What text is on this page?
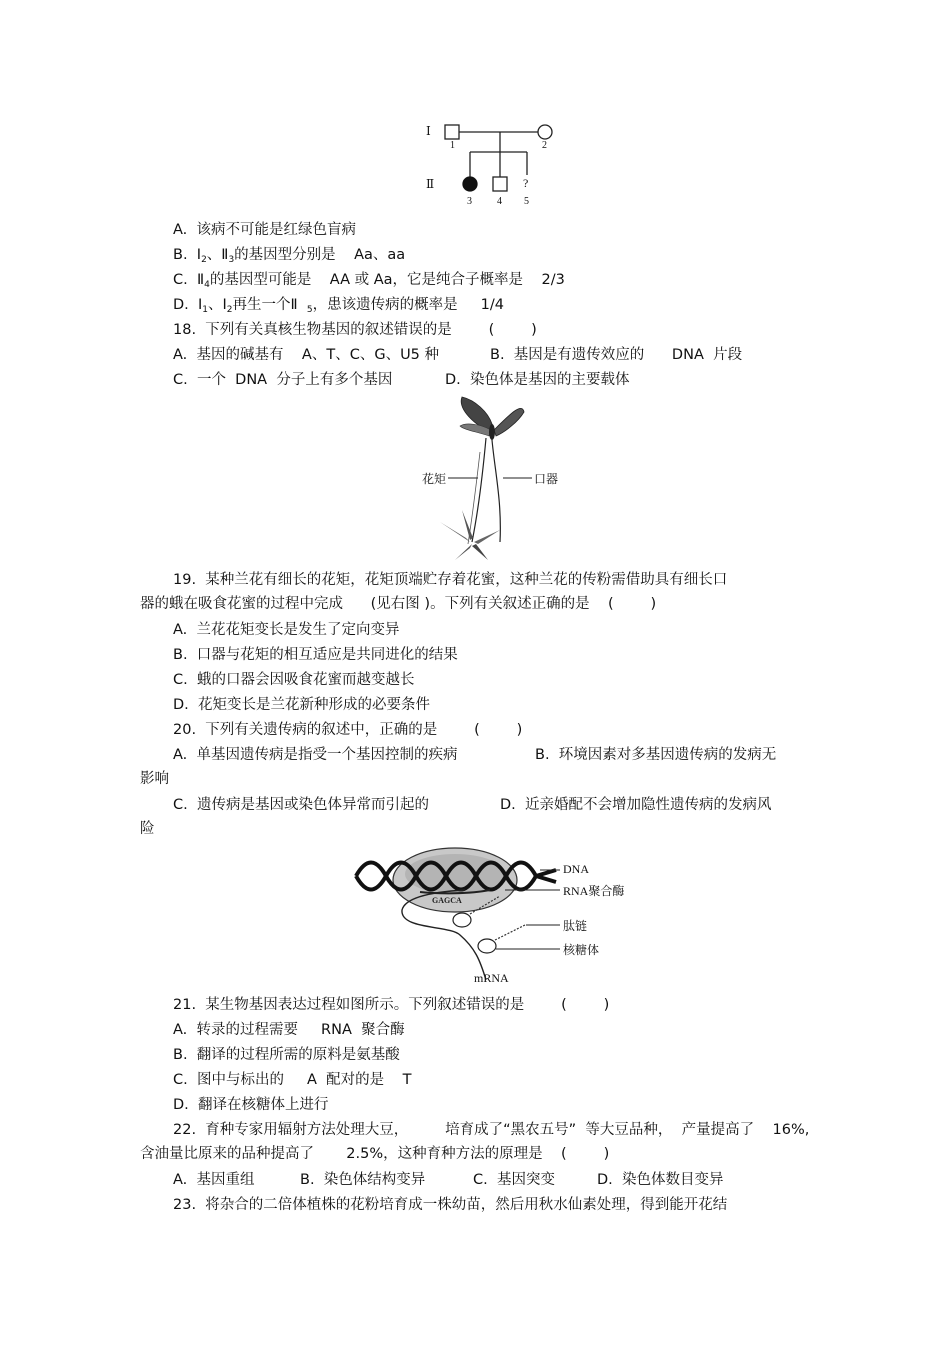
Ⅰ
Ⅱ
1	2
3	4 5
?
A.  该病不可能是红绿色盲病
B.  $Ⅰ_2$、$Ⅱ_3$的基因型分别是    Aa、aa
C.  $Ⅱ_4$的基因型可能是    AA 或 Aa，它是纯合子概率是    2/3
D.  $Ⅰ_1$、$Ⅰ_2$再生一个Ⅱ  $_5$，患该遗传病的概率是     1/4
18.  下列有关真核生物基因的叙述错误的是        (        )
A.  基因的碱基有    A、T、C、G、U5 种	B.  基因是有遗传效应的      DNA  片段
C.  一个  DNA  分子上有多个基因	D.  染色体是基因的主要载体
花矩	口器
19.  某种兰花有细长的花矩，花矩顶端贮存着花蜜，这种兰花的传粉需借助具有细长口
器的蛾在吸食花蜜的过程中完成      (见右图 )。下列有关叙述正确的是    (        )
A.  兰花花矩变长是发生了定向变异
B.  口器与花矩的相互适应是共同进化的结果
C.  蛾的口器会因吸食花蜜而越变越长
D.  花矩变长是兰花新种形成的必要条件
20.  下列有关遗传病的叙述中，正确的是        (        )
A.  单基因遗传病是指受一个基因控制的疾病	B.  环境因素对多基因遗传病的发病无
影响
C.  遗传病是基因或染色体异常而引起的	D.  近亲婚配不会增加隐性遗传病的发病风
险
GAGCA
DNA
RNA聚合酶
肽链
核糖体
mRNA
21.  某生物基因表达过程如图所示。下列叙述错误的是        (        )
A.  转录的过程需要     RNA  聚合酶
B.  翻译的过程所需的原料是氨基酸
C.  图中与标出的     A  配对的是    T
D.  翻译在核糖体上进行
22.  育种专家用辐射方法处理大豆，        培育成了“黑农五号”  等大豆品种，  产量提高了    16%,
含油量比原来的品种提高了       2.5%，这种育种方法的原理是    (        )
A.  基因重组	B.  染色体结构变异	C.  基因突变	D.  染色体数目变异
23.  将杂合的二倍体植株的花粉培育成一株幼苗，然后用秋水仙素处理，得到能开花结
